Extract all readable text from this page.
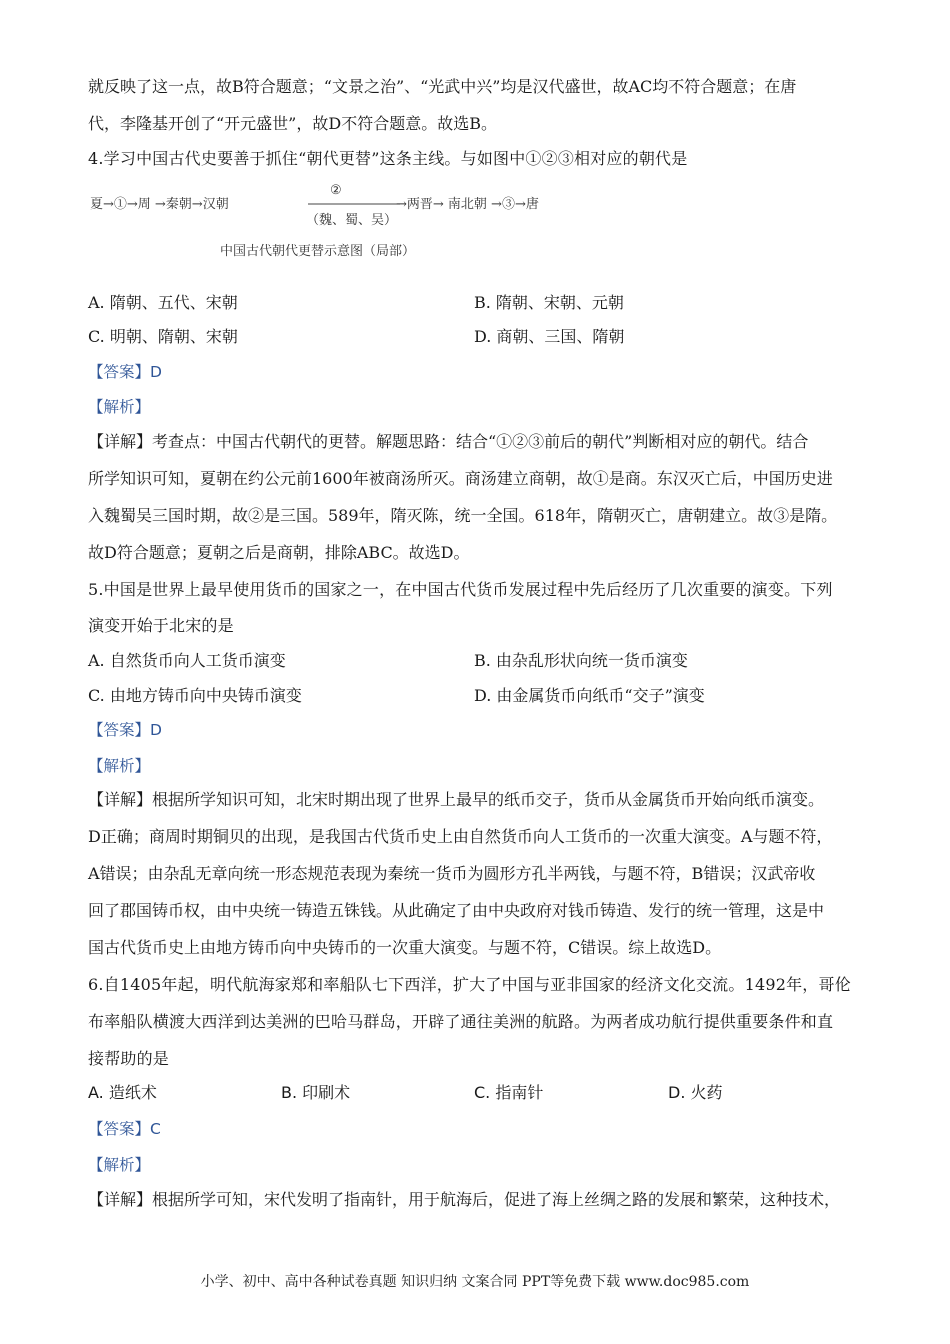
就反映了这一点，故B符合题意；“文景之治”、“光武中兴”均是汉代盛世，故AC均不符合题意；在唐
代，李隆基开创了“开元盛世”，故D不符合题意。故选B。
4.学习中国古代史要善于抓住“朝代更替”这条主线。与如图中①②③相对应的朝代是
②
夏→①→周 →秦朝→汉朝	→两晋→ 南北朝 →③→唐
（魏、蜀、吴）
中国古代朝代更替示意图（局部）
A. 隋朝、五代、宋朝	B. 隋朝、宋朝、元朝
C. 明朝、隋朝、宋朝	D. 商朝、三国、隋朝
【答案】D
【解析】
【详解】考查点：中国古代朝代的更替。解题思路：结合“①②③前后的朝代”判断相对应的朝代。结合
所学知识可知，夏朝在约公元前1600年被商汤所灭。商汤建立商朝，故①是商。东汉灭亡后，中国历史进
入魏蜀吴三国时期，故②是三国。589年，隋灭陈，统一全国。618年，隋朝灭亡，唐朝建立。故③是隋。
故D符合题意；夏朝之后是商朝，排除ABC。故选D。
5.中国是世界上最早使用货币的国家之一，在中国古代货币发展过程中先后经历了几次重要的演变。下列
演变开始于北宋的是
A. 自然货币向人工货币演变	B. 由杂乱形状向统一货币演变
C. 由地方铸币向中央铸币演变	D. 由金属货币向纸币“交子”演变
【答案】D
【解析】
【详解】根据所学知识可知，北宋时期出现了世界上最早的纸币交子，货币从金属货币开始向纸币演变。
D正确；商周时期铜贝的出现，是我国古代货币史上由自然货币向人工货币的一次重大演变。A与题不符，
A错误；由杂乱无章向统一形态规范表现为秦统一货币为圆形方孔半两钱，与题不符，B错误；汉武帝收
回了郡国铸币权，由中央统一铸造五铢钱。从此确定了由中央政府对钱币铸造、发行的统一管理，这是中
国古代货币史上由地方铸币向中央铸币的一次重大演变。与题不符，C错误。综上故选D。
6.自1405年起，明代航海家郑和率船队七下西洋，扩大了中国与亚非国家的经济文化交流。1492年，哥伦
布率船队横渡大西洋到达美洲的巴哈马群岛，开辟了通往美洲的航路。为两者成功航行提供重要条件和直
接帮助的是
A. 造纸术	B. 印刷术	C. 指南针	D. 火药
【答案】C
【解析】
【详解】根据所学可知，宋代发明了指南针，用于航海后，促进了海上丝绸之路的发展和繁荣，这种技术，
小学、初中、高中各种试卷真题 知识归纳 文案合同 PPT等免费下载 www.doc985.com
